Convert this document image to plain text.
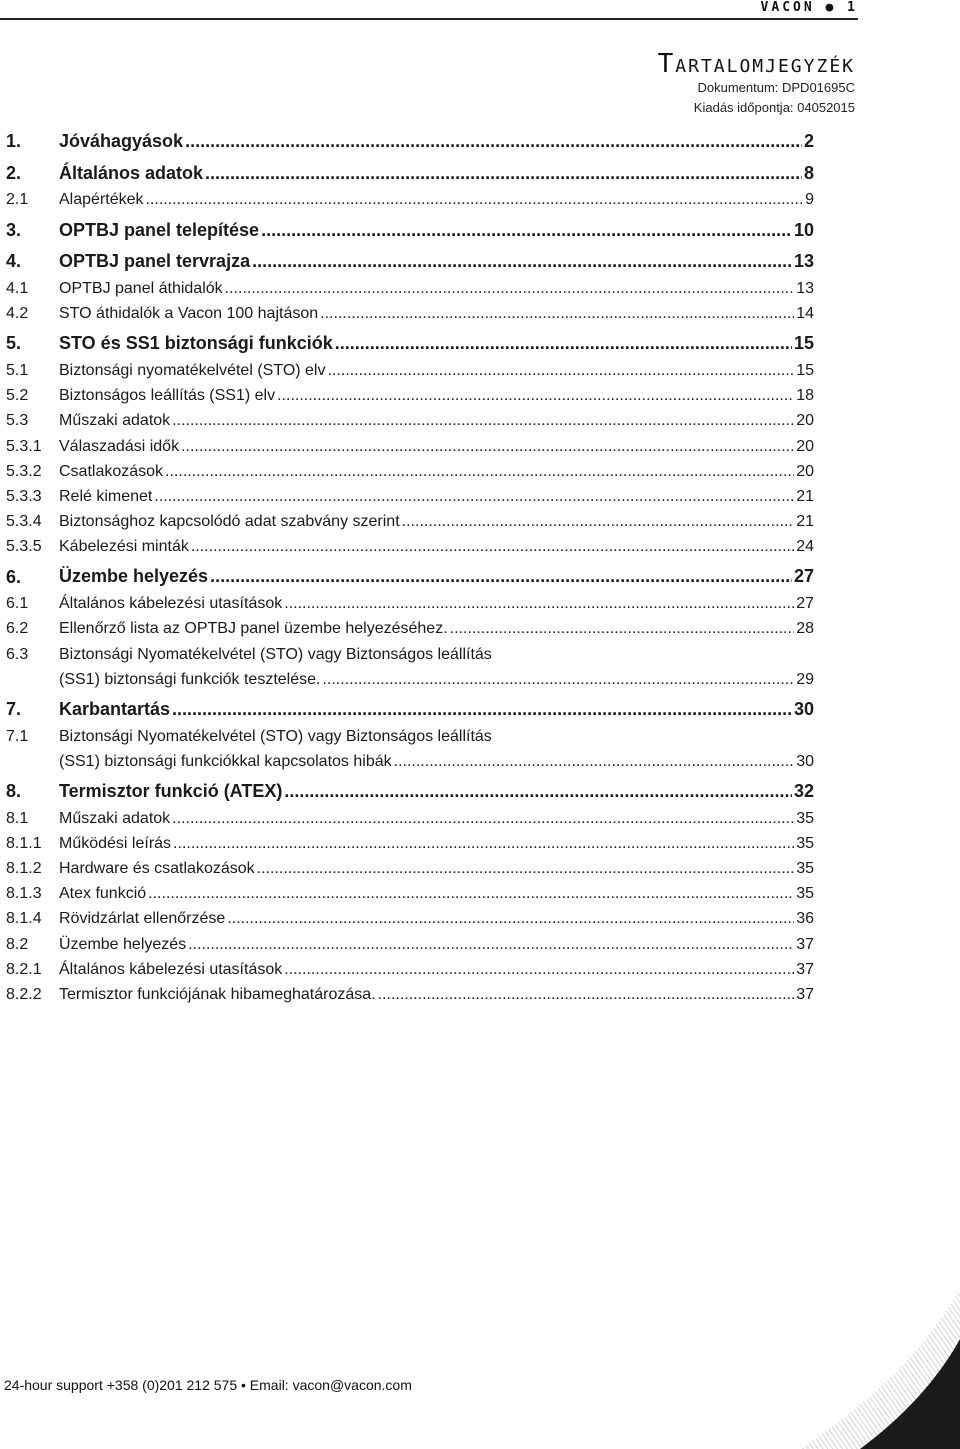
VACON ● 1
Tartalomjegyzék
Dokumentum: DPD01695C
Kiadás időpontja: 04052015
1.	Jóváhagyások .....	2
2.	Általános adatok .....	8
2.1	Alapértékek .....	9
3.	OPTBJ panel telepítése .....	10
4.	OPTBJ panel tervrajza .....	13
4.1	OPTBJ panel áthidalók .....	13
4.2	STO áthidalók a Vacon 100 hajtáson .....	14
5.	STO és SS1 biztonsági funkciók .....	15
5.1	Biztonsági nyomatékelvétel (STO) elv .....	15
5.2	Biztonságos leállítás (SS1) elv .....	18
5.3	Műszaki adatok .....	20
5.3.1	Válaszadási idők .....	20
5.3.2	Csatlakozások .....	20
5.3.3	Relé kimenet .....	21
5.3.4	Biztonsághoz kapcsolódó adat szabvány szerint .....	21
5.3.5	Kábelezési minták .....	24
6.	Üzembe helyezés .....	27
6.1	Általános kábelezési utasítások .....	27
6.2	Ellenőrző lista az OPTBJ panel üzembe helyezéséhez. .....	28
6.3	Biztonsági Nyomatékelvétel (STO) vagy Biztonságos leállítás
(SS1) biztonsági funkciók tesztelése. .....	29
7.	Karbantartás .....	30
7.1	Biztonsági Nyomatékelvétel (STO) vagy Biztonságos leállítás
(SS1) biztonsági funkciókkal kapcsolatos hibák .....	30
8.	Termisztor funkció (ATEX) .....	32
8.1	Műszaki adatok .....	35
8.1.1	Működési leírás .....	35
8.1.2	Hardware és csatlakozások .....	35
8.1.3	Atex funkció .....	35
8.1.4	Rövidzárlat ellenőrzése .....	36
8.2	Üzembe helyezés .....	37
8.2.1	Általános kábelezési utasítások .....	37
8.2.2	Termisztor funkciójának hibameghatározása. .....	37
24-hour support +358 (0)201 212 575 • Email: vacon@vacon.com
